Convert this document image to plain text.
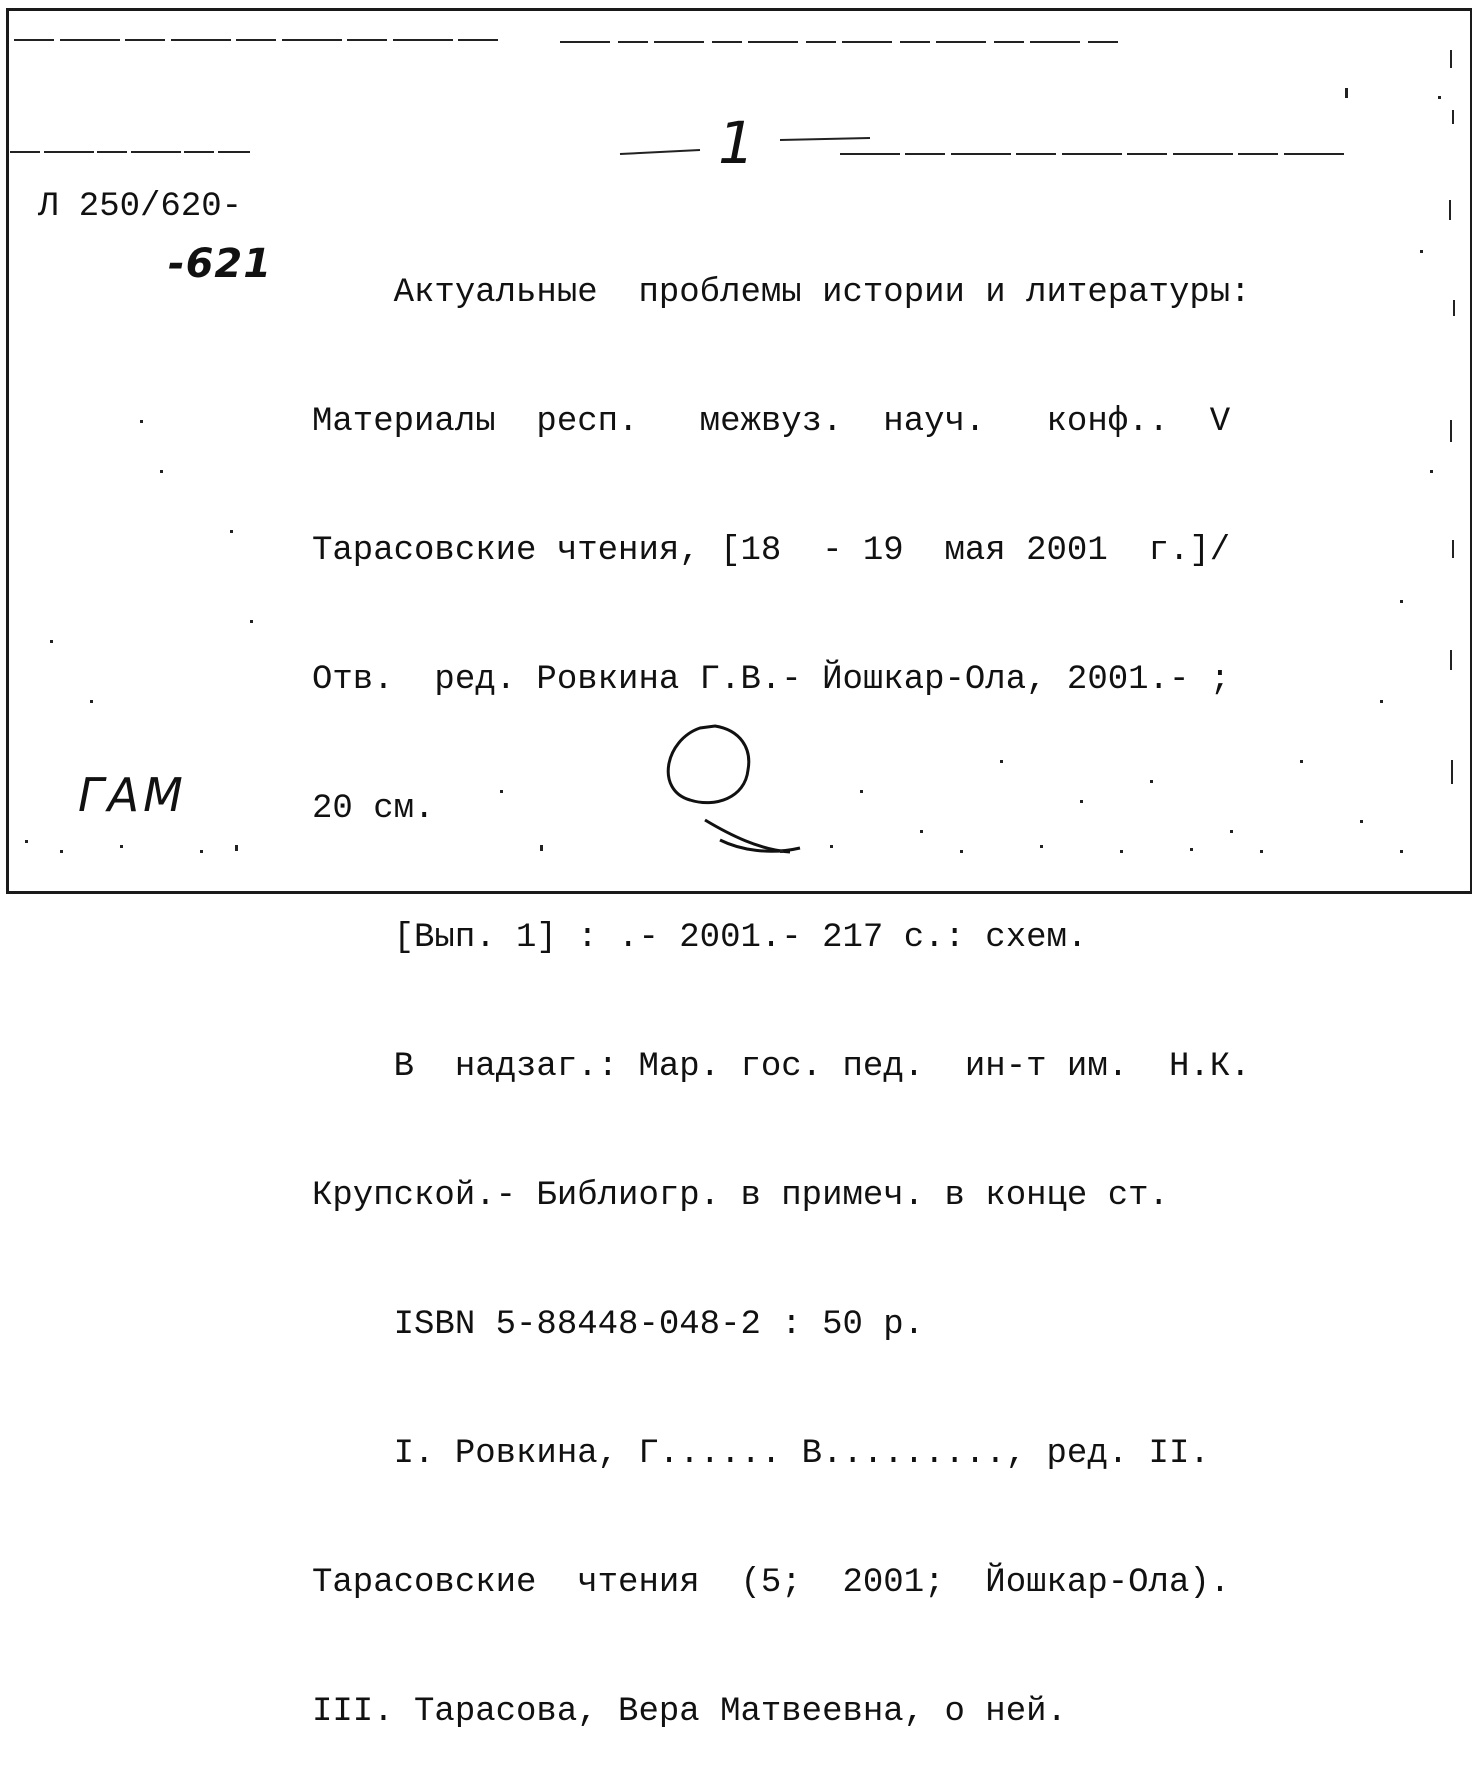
1
Л 250/620-
-621
ГАМ

Актуальные  проблемы истории и литературы:

Материалы  респ.   межвуз.  науч.   конф..  V

Тарасовские чтения, [18  - 19  мая 2001  г.]/

Отв.  ред. Ровкина Г.В.- Йошкар-Ола, 2001.- ;

20 см.

[Вып. 1] : .- 2001.- 217 с.: схем.

В  надзаг.: Мар. гос. пед.  ин-т им.  Н.К.

Крупской.- Библиогр. в примеч. в конце ст.

ISBN 5-88448-048-2 : 50 р.

I. Ровкина, Г...... В........., ред. II.

Тарасовские  чтения  (5;  2001;  Йошкар-Ола).

III. Тарасова, Вера Матвеевна, о ней.
